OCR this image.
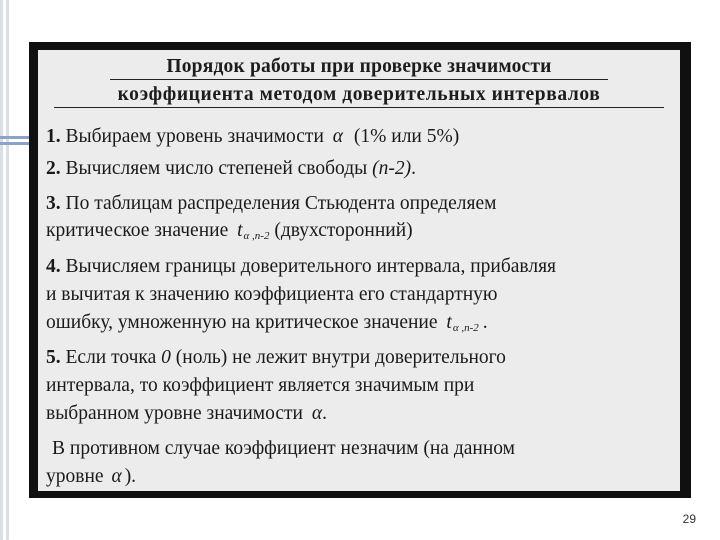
Порядок работы при проверке значимости
коэффициента методом доверительных интервалов
1. Выбираем уровень значимости α (1% или 5%)
2. Вычисляем число степеней свободы (n-2).
3. По таблицам распределения Стьюдента определяем
критическое значение $t_{\alpha ,n-2}$ (двухсторонний)
4. Вычисляем границы доверительного интервала, прибавляя
и вычитая к значению коэффициента его стандартную
ошибку, умноженную на критическое значение $t_{\alpha ,n-2}$ .
5. Если точка 0 (ноль) не лежит внутри доверительного
интервала, то коэффициент является значимым при
выбранном уровне значимости α.
В противном случае коэффициент незначим (на данном
уровне α ).
29
